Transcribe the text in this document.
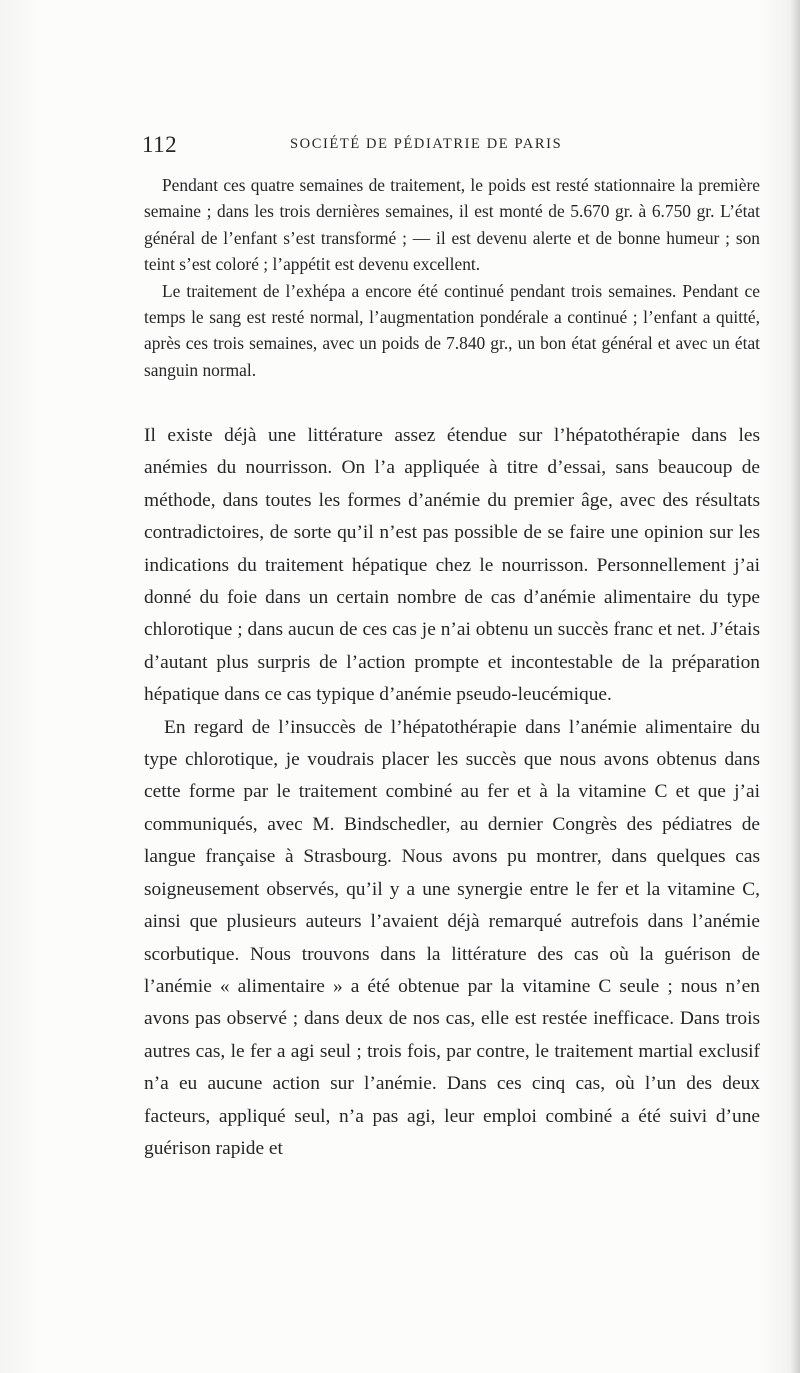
112	SOCIÉTÉ DE PÉDIATRIE DE PARIS

Pendant ces quatre semaines de traitement, le poids est resté stationnaire la première semaine ; dans les trois dernières semaines, il est monté de 5.670 gr. à 6.750 gr. L’état général de l’enfant s’est transformé ; — il est devenu alerte et de bonne humeur ; son teint s’est coloré ; l’appétit est devenu excellent.

Le traitement de l’exhépa a encore été continué pendant trois semaines. Pendant ce temps le sang est resté normal, l’augmentation pondérale a continué ; l’enfant a quitté, après ces trois semaines, avec un poids de 7.840 gr., un bon état général et avec un état sanguin normal.

Il existe déjà une littérature assez étendue sur l’hépatothérapie dans les anémies du nourrisson. On l’a appliquée à titre d’essai, sans beaucoup de méthode, dans toutes les formes d’anémie du premier âge, avec des résultats contradictoires, de sorte qu’il n’est pas possible de se faire une opinion sur les indications du traitement hépatique chez le nourrisson. Personnellement j’ai donné du foie dans un certain nombre de cas d’anémie alimentaire du type chlorotique ; dans aucun de ces cas je n’ai obtenu un succès franc et net. J’étais d’autant plus surpris de l’action prompte et incontestable de la préparation hépatique dans ce cas typique d’anémie pseudo-leucémique.

En regard de l’insuccès de l’hépatothérapie dans l’anémie alimentaire du type chlorotique, je voudrais placer les succès que nous avons obtenus dans cette forme par le traitement combiné au fer et à la vitamine C et que j’ai communiqués, avec M. Bindschedler, au dernier Congrès des pédiatres de langue française à Strasbourg. Nous avons pu montrer, dans quelques cas soigneusement observés, qu’il y a une synergie entre le fer et la vitamine C, ainsi que plusieurs auteurs l’avaient déjà remarqué autrefois dans l’anémie scorbutique. Nous trouvons dans la littérature des cas où la guérison de l’anémie « alimentaire » a été obtenue par la vitamine C seule ; nous n’en avons pas observé ; dans deux de nos cas, elle est restée inefficace. Dans trois autres cas, le fer a agi seul ; trois fois, par contre, le traitement martial exclusif n’a eu aucune action sur l’anémie. Dans ces cinq cas, où l’un des deux facteurs, appliqué seul, n’a pas agi, leur emploi combiné a été suivi d’une guérison rapide et
